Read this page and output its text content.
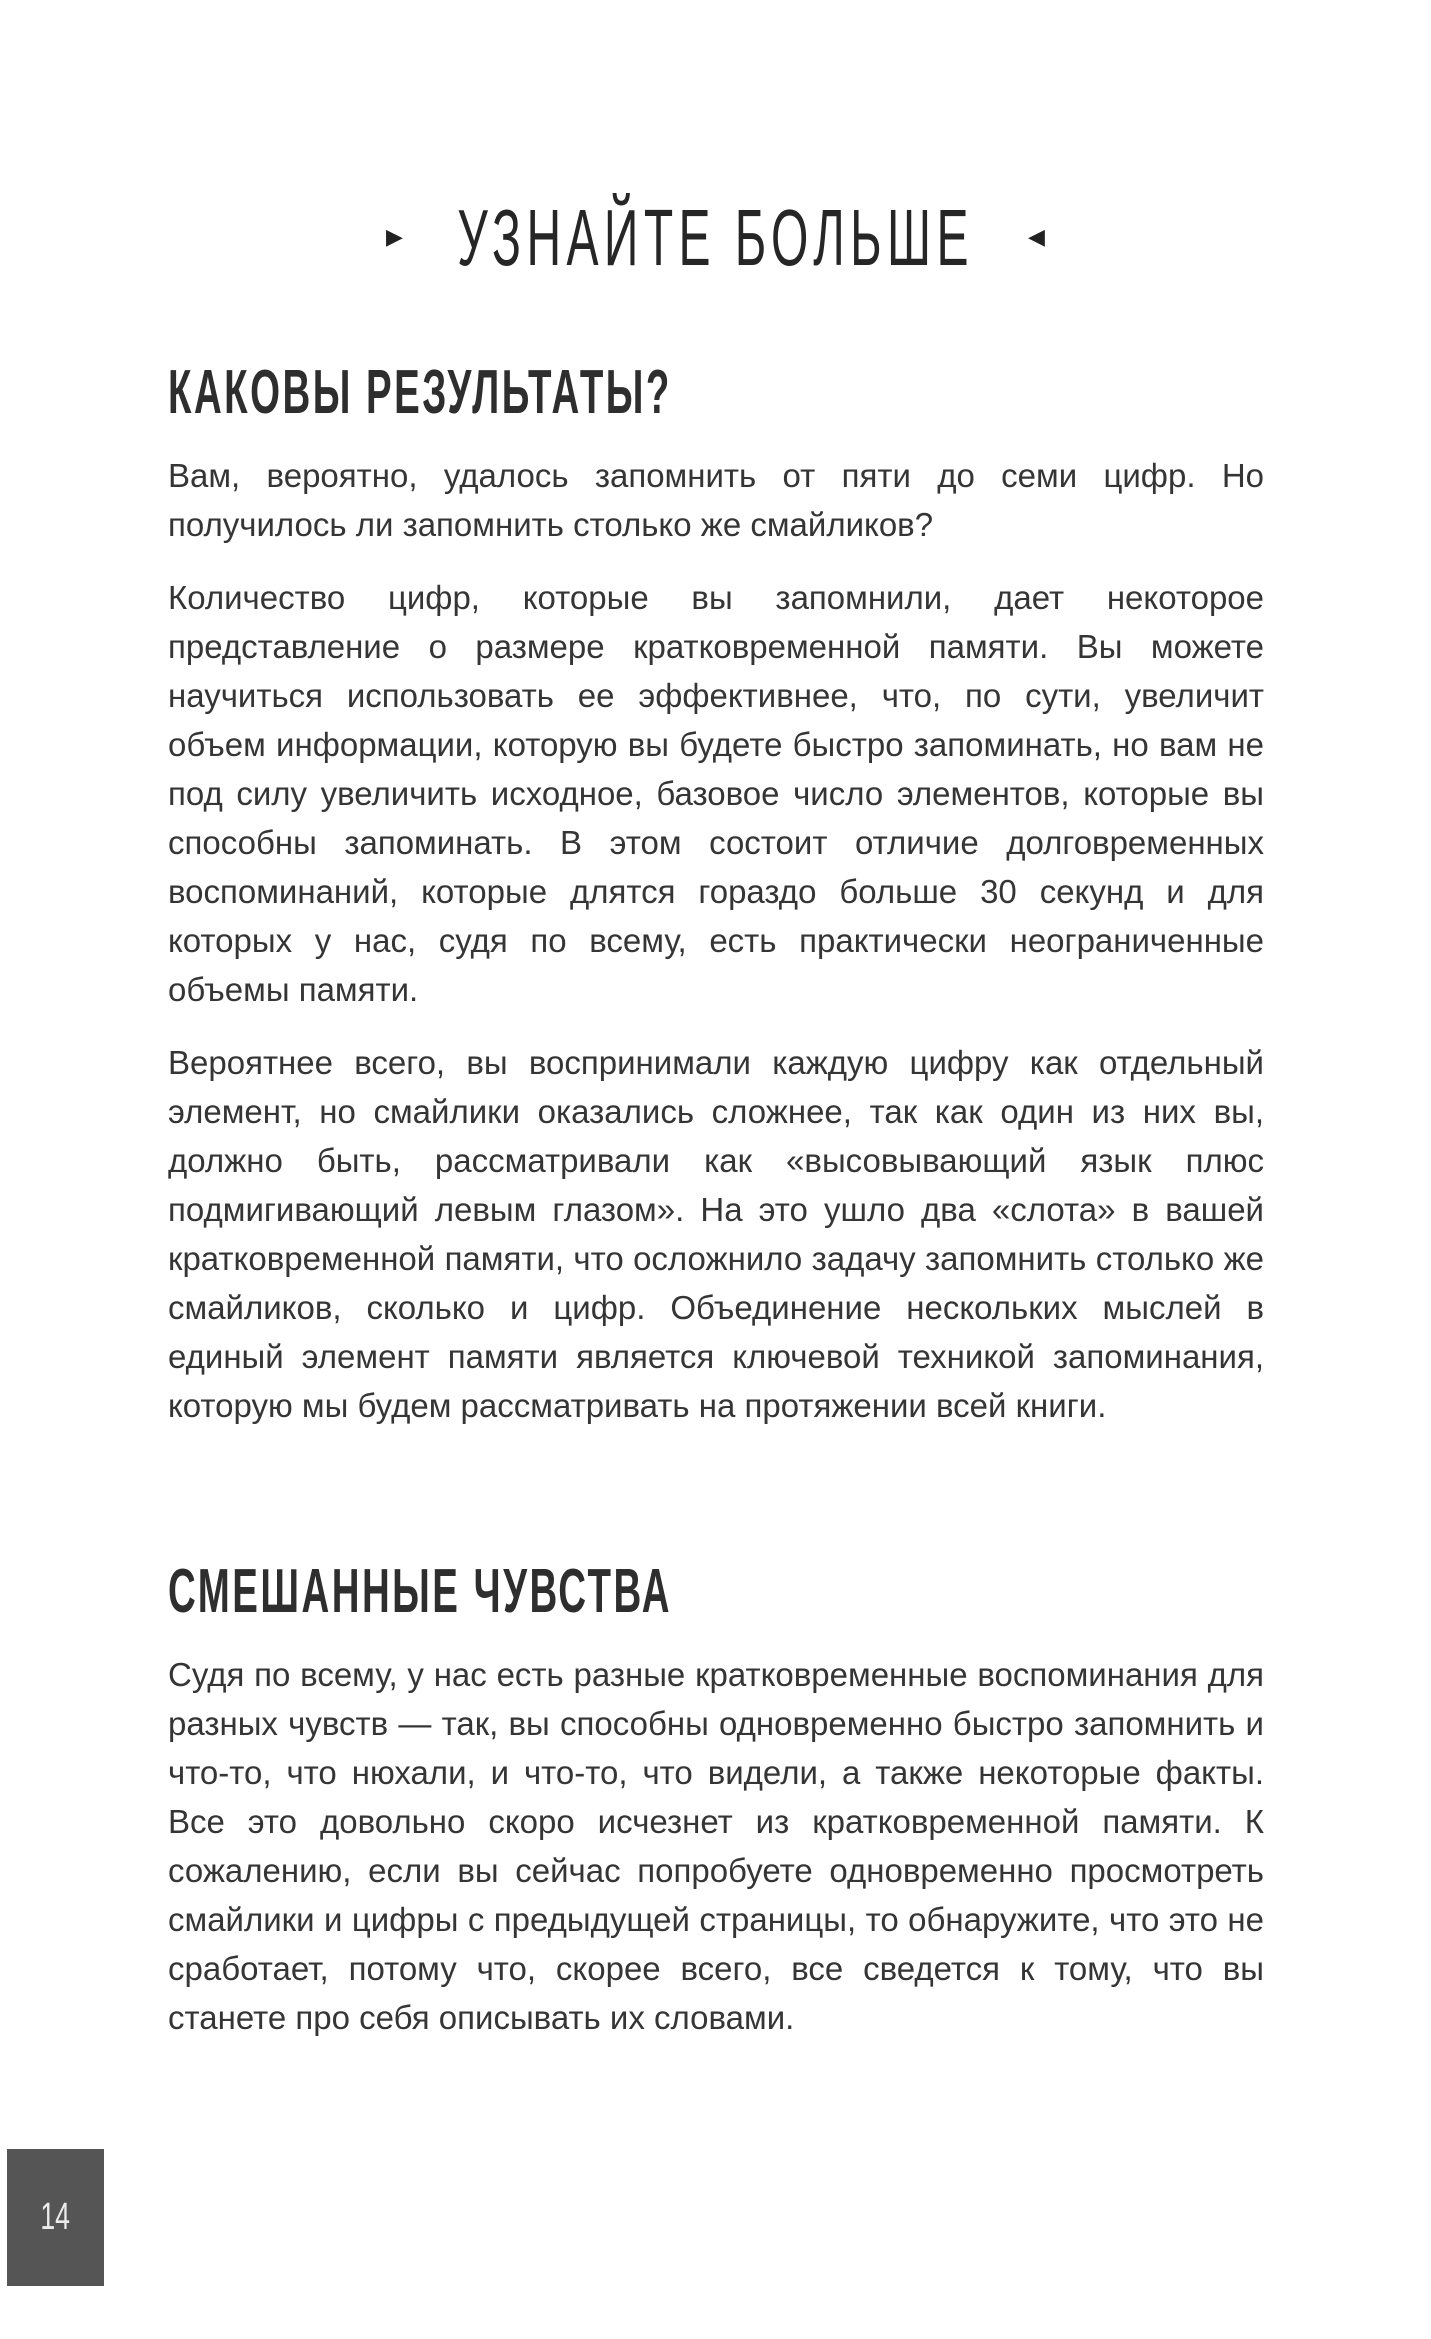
▶ УЗНАЙТЕ БОЛЬШЕ ◀
КАКОВЫ РЕЗУЛЬТАТЫ?

Вам, вероятно, удалось запомнить от пяти до семи цифр. Но получилось ли запомнить столько же смайликов?

Количество цифр, которые вы запомнили, дает некоторое представление о размере кратковременной памяти. Вы можете научиться использовать ее эффективнее, что, по сути, увеличит объем информации, которую вы будете быстро запоминать, но вам не под силу увеличить исходное, базовое число элементов, которые вы способны запоминать. В этом состоит отличие долговременных воспоминаний, которые длятся гораздо больше 30 секунд и для которых у нас, судя по всему, есть практически неограниченные объемы памяти.

Вероятнее всего, вы воспринимали каждую цифру как отдельный элемент, но смайлики оказались сложнее, так как один из них вы, должно быть, рассматривали как «высовывающий язык плюс подмигивающий левым глазом». На это ушло два «слота» в вашей кратковременной памяти, что осложнило задачу запомнить столько же смайликов, сколько и цифр. Объединение нескольких мыслей в единый элемент памяти является ключевой техникой запоминания, которую мы будем рассматривать на протяжении всей книги.

СМЕШАННЫЕ ЧУВСТВА

Судя по всему, у нас есть разные кратковременные воспоминания для разных чувств — так, вы способны одновременно быстро запомнить и что-то, что нюхали, и что-то, что видели, а также некоторые факты. Все это довольно скоро исчезнет из кратковременной памяти. К сожалению, если вы сейчас попробуете одновременно просмотреть смайлики и цифры с предыдущей страницы, то обнаружите, что это не сработает, потому что, скорее всего, все сведется к тому, что вы станете про себя описывать их словами.

14
